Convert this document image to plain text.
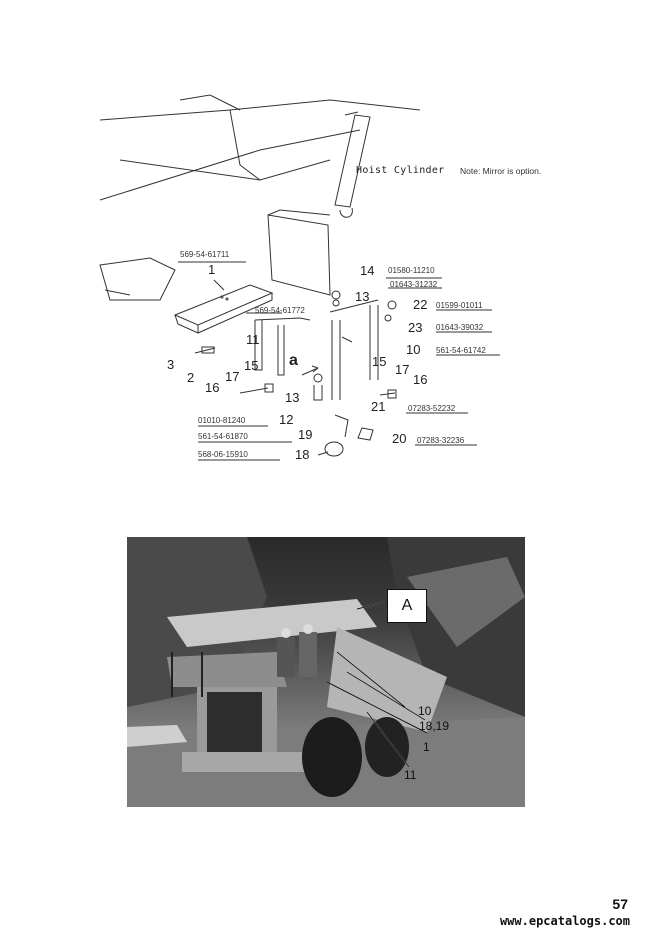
Hoist Cylinder Note: Mirror is option.
569-54-61711
569-54-61772
01580-11210
01643-31232
01599-01011
01643-39032
561-54-61742
07283-52232
07283-32236
01010-81240
561-54-61870
568-06-15910
1
2
3
10
11
12
13
13
14
15	15
16
16
17	17
18
19	20
21
22
23
a
A
10
18,19
1
11
57
www.epcatalogs.com
